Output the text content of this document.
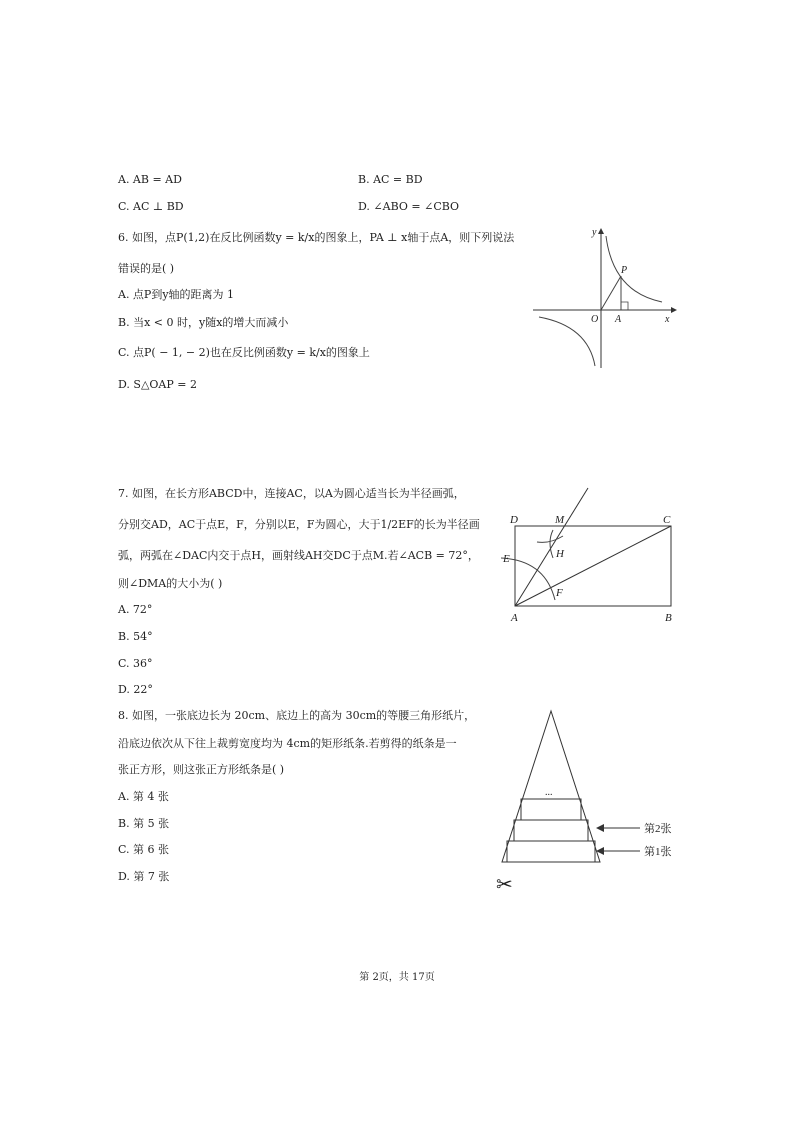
A. AB = AD	B. AC = BD
C. AC ⊥ BD	D. ∠ABO = ∠CBO
6. 如图，点P(1,2)在反比例函数y = k/x的图象上，PA ⊥ x轴于点A，则下列说法
错误的是( )
A. 点P到y轴的距离为 1
B. 当x < 0 时，y随x的增大而减小
C. 点P( − 1, − 2)也在反比例函数y = k/x的图象上
D. S△OAP = 2
y
x
O A
P
7. 如图，在长方形ABCD中，连接AC，以A为圆心适当长为半径画弧，
分别交AD，AC于点E，F，分别以E，F为圆心，大于1/2EF的长为半径画
弧，两弧在∠DAC内交于点H，画射线AH交DC于点M.若∠ACB = 72°，
则∠DMA的大小为( )
A. 72°
B. 54°
C. 36°
D. 22°
D	M	C
E	H
F
A	B
8. 如图，一张底边长为 20cm、底边上的高为 30cm的等腰三角形纸片，
沿底边依次从下往上裁剪宽度均为 4cm的矩形纸条.若剪得的纸条是一
张正方形，则这张正方形纸条是( )
A. 第 4 张
B. 第 5 张
C. 第 6 张
D. 第 7 张
...
第2张
第1张
✂
第 2页，共 17页
